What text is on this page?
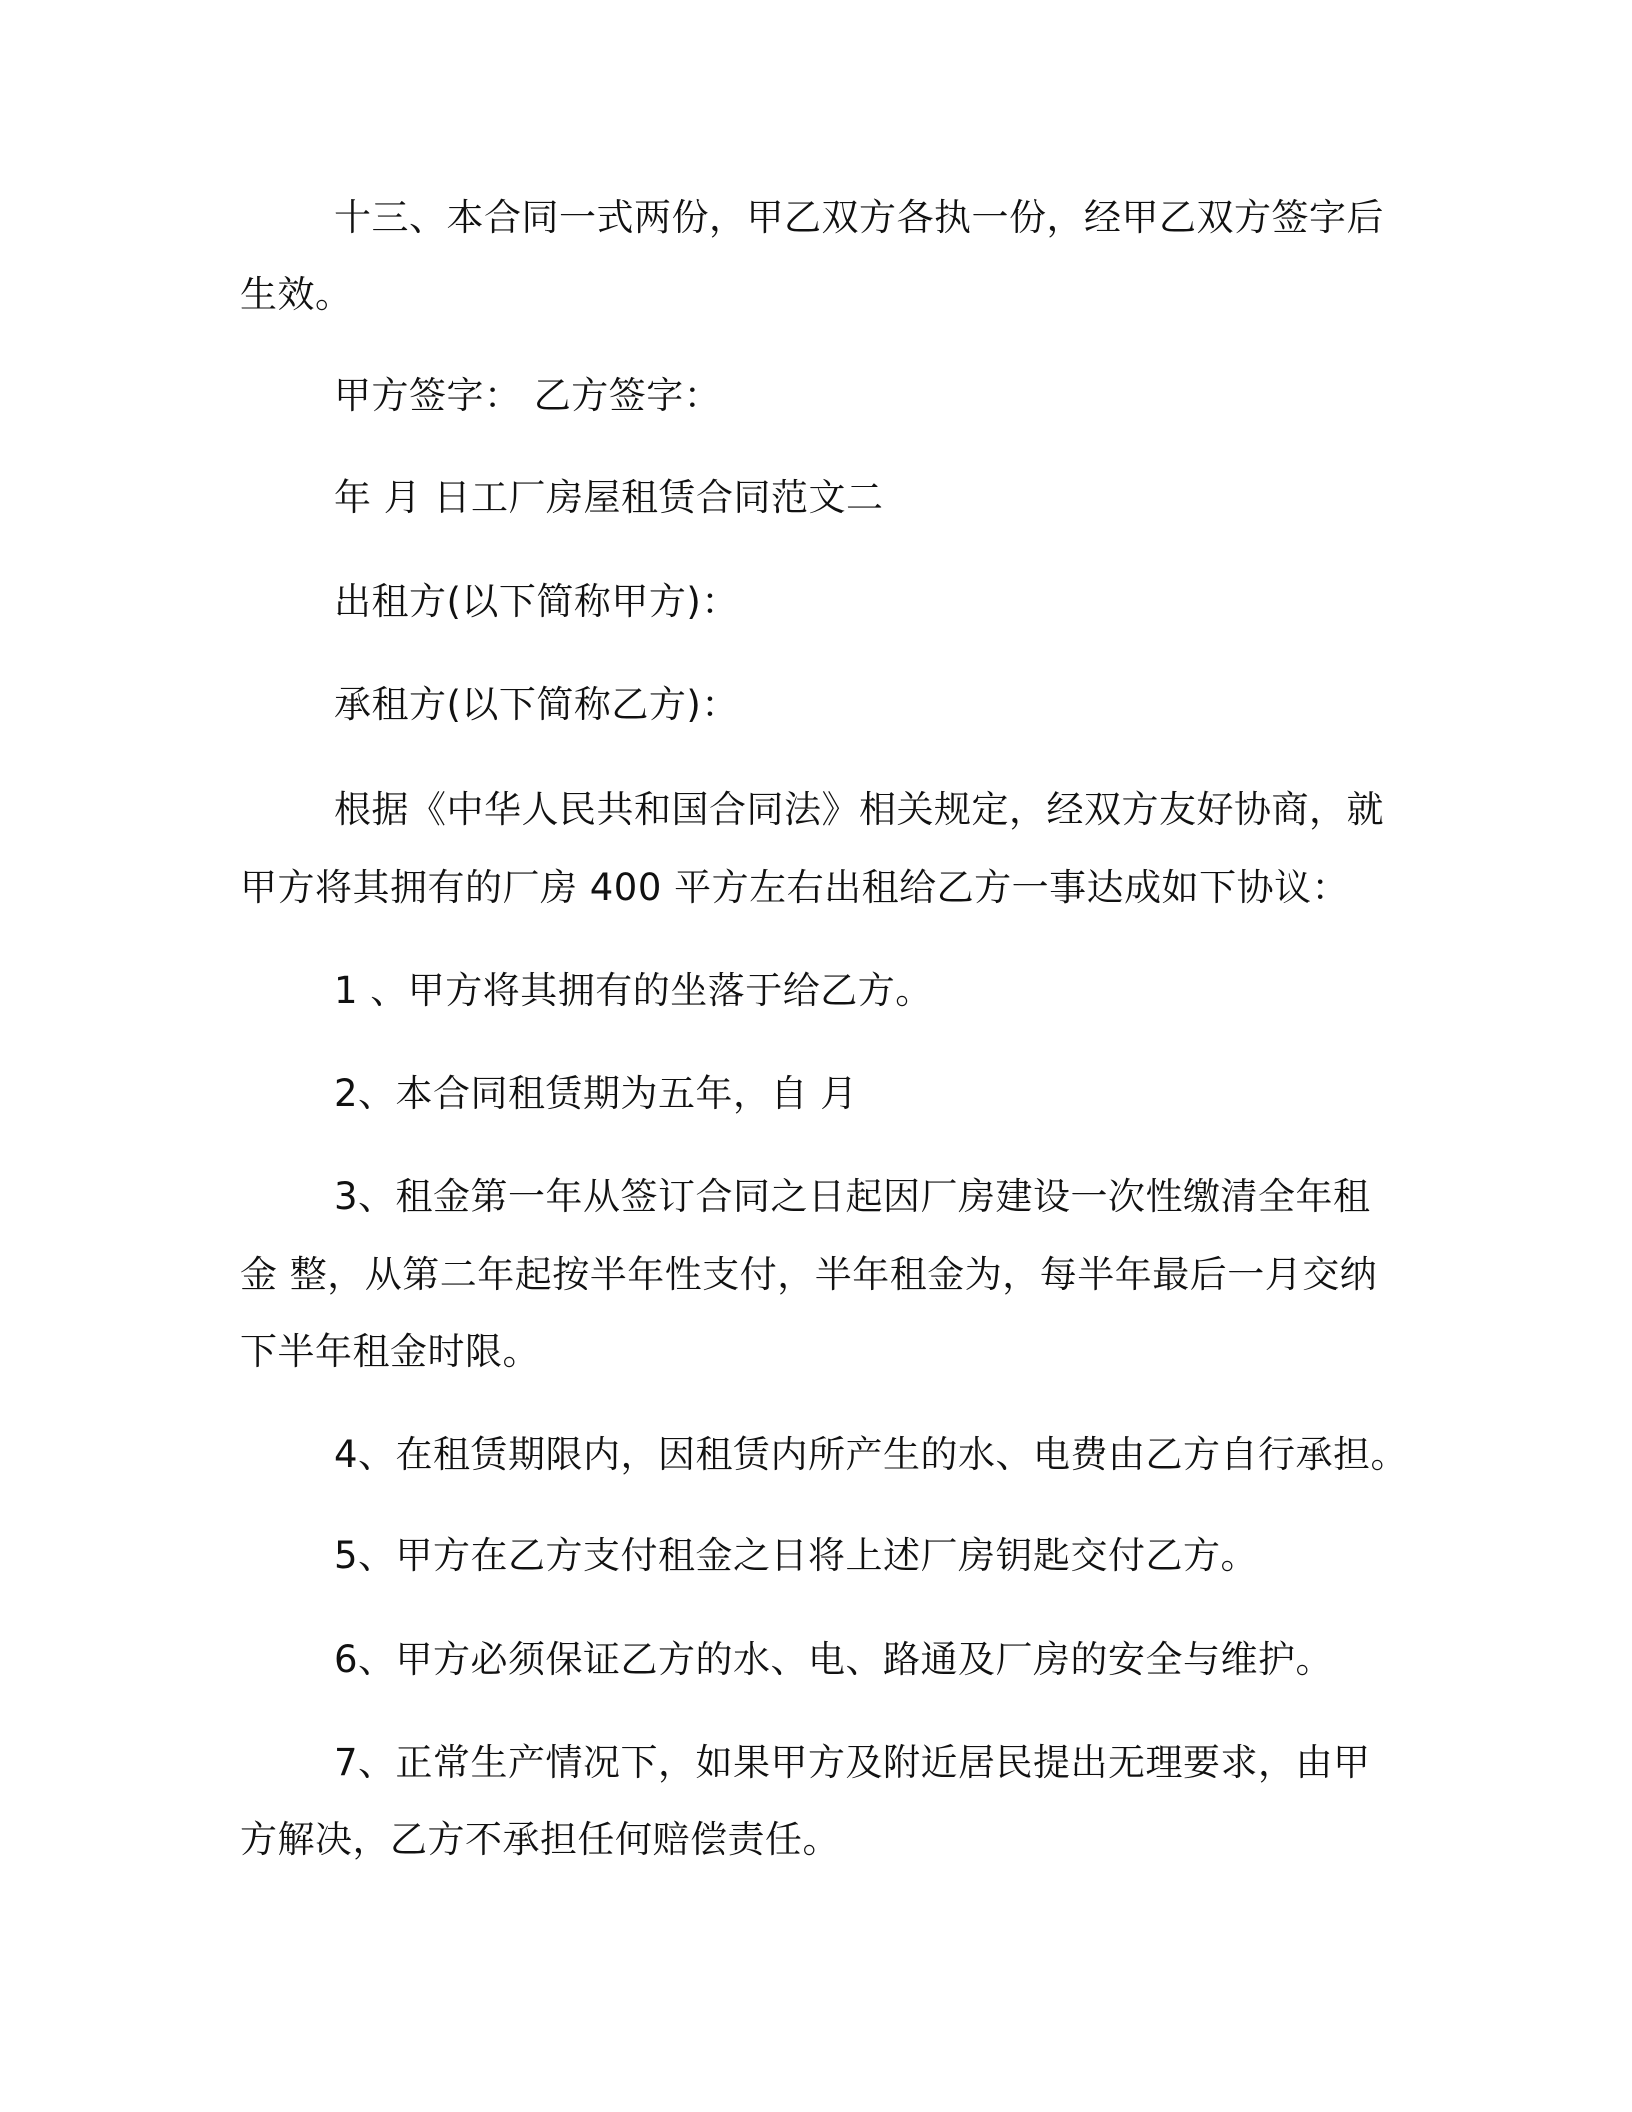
十三、本合同一式两份，甲乙双方各执一份，经甲乙双方签字后
生效。
甲方签字： 乙方签字：
年 月 日工厂房屋租赁合同范文二
出租方(以下简称甲方)：
承租方(以下简称乙方)：
根据《中华人民共和国合同法》相关规定，经双方友好协商，就
甲方将其拥有的厂房 400 平方左右出租给乙方一事达成如下协议：
1 、甲方将其拥有的坐落于给乙方。
2、本合同租赁期为五年，自 月
3、租金第一年从签订合同之日起因厂房建设一次性缴清全年租
金 整，从第二年起按半年性支付，半年租金为，每半年最后一月交纳
下半年租金时限。
4、在租赁期限内，因租赁内所产生的水、电费由乙方自行承担。
5、甲方在乙方支付租金之日将上述厂房钥匙交付乙方。
6、甲方必须保证乙方的水、电、路通及厂房的安全与维护。
7、正常生产情况下，如果甲方及附近居民提出无理要求，由甲
方解决，乙方不承担任何赔偿责任。
